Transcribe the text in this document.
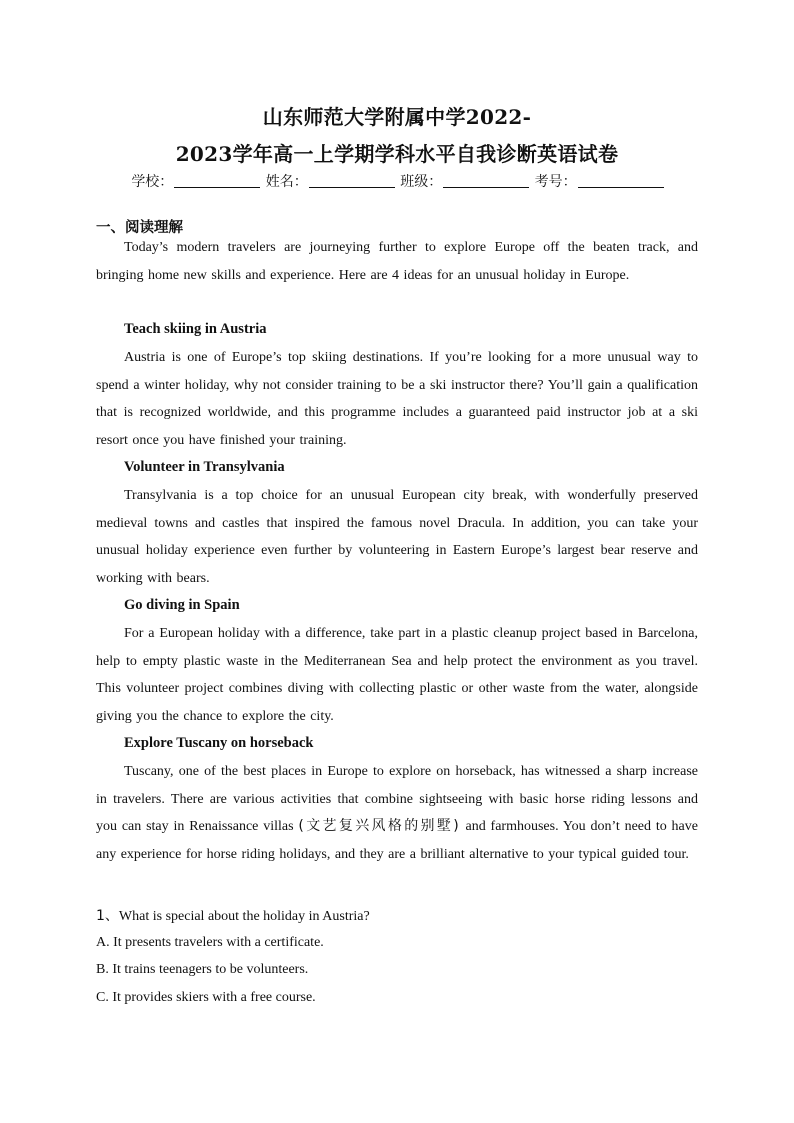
山东师范大学附属中学2022-
2023学年高一上学期学科水平自我诊断英语试卷
学校：	姓名：	班级：	考号：
一、阅读理解
Today’s modern travelers are journeying further to explore Europe off the beaten track, and bringing home new skills and experience. Here are 4 ideas for an unusual holiday in Europe.
Teach skiing in Austria
Austria is one of Europe’s top skiing destinations. If you’re looking for a more unusual way to spend a winter holiday, why not consider training to be a ski instructor there? You’ll gain a qualification that is recognized worldwide, and this programme includes a guaranteed paid instructor job at a ski resort once you have finished your training.
Volunteer in Transylvania
Transylvania is a top choice for an unusual European city break, with wonderfully preserved medieval towns and castles that inspired the famous novel Dracula. In addition, you can take your unusual holiday experience even further by volunteering in Eastern Europe’s largest bear reserve and working with bears.
Go diving in Spain
For a European holiday with a difference, take part in a plastic cleanup project based in Barcelona, help to empty plastic waste in the Mediterranean Sea and help protect the environment as you travel. This volunteer project combines diving with collecting plastic or other waste from the water, alongside giving you the chance to explore the city.
Explore Tuscany on horseback
Tuscany, one of the best places in Europe to explore on horseback, has witnessed a sharp increase in travelers. There are various activities that combine sightseeing with basic horse riding lessons and you can stay in Renaissance villas (文艺复兴风格的别墅) and farmhouses. You don’t need to have any experience for horse riding holidays, and they are a brilliant alternative to your typical guided tour.
1、What is special about the holiday in Austria?
A. It presents travelers with a certificate.
B. It trains teenagers to be volunteers.
C. It provides skiers with a free course.
